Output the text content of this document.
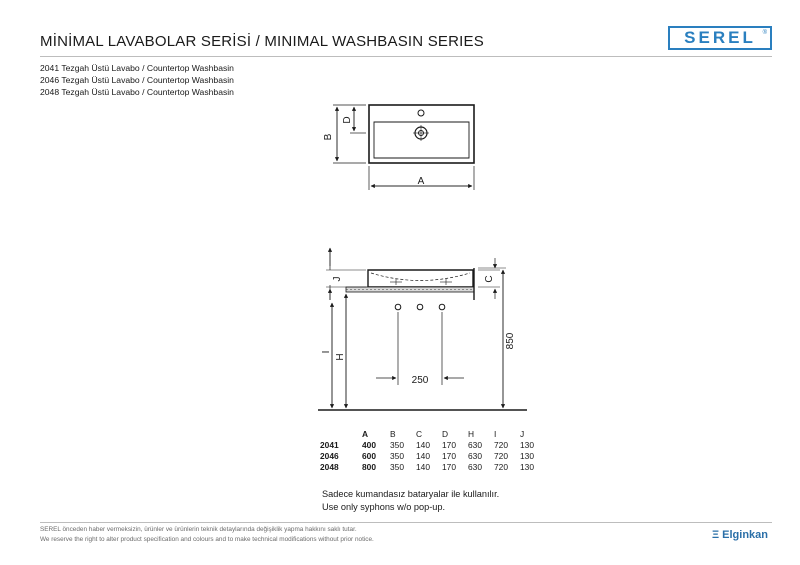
MİNİMAL LAVABOLAR SERİSİ / MINIMAL WASHBASIN SERIES	SEREL ®
2041 Tezgah Üstü Lavabo / Countertop Washbasin
2046 Tezgah Üstü Lavabo / Countertop Washbasin
2048 Tezgah Üstü Lavabo / Countertop Washbasin
B
D
A
J
I
H
C
850
250
	A	B	C	D	H	I	J
2041	400	350	140	170	630	720	130
2046	600	350	140	170	630	720	130
2048	800	350	140	170	630	720	130
Sadece kumandasız bataryalar ile kullanılır.
Use only syphons w/o pop-up.
SEREL önceden haber vermeksizin, ürünler ve ürünlerin teknik detaylarında değişiklik yapma hakkını saklı tutar.
We reserve the right to alter product specification and colours and to make technical modifications without prior notice.	Ξ Elginkan
